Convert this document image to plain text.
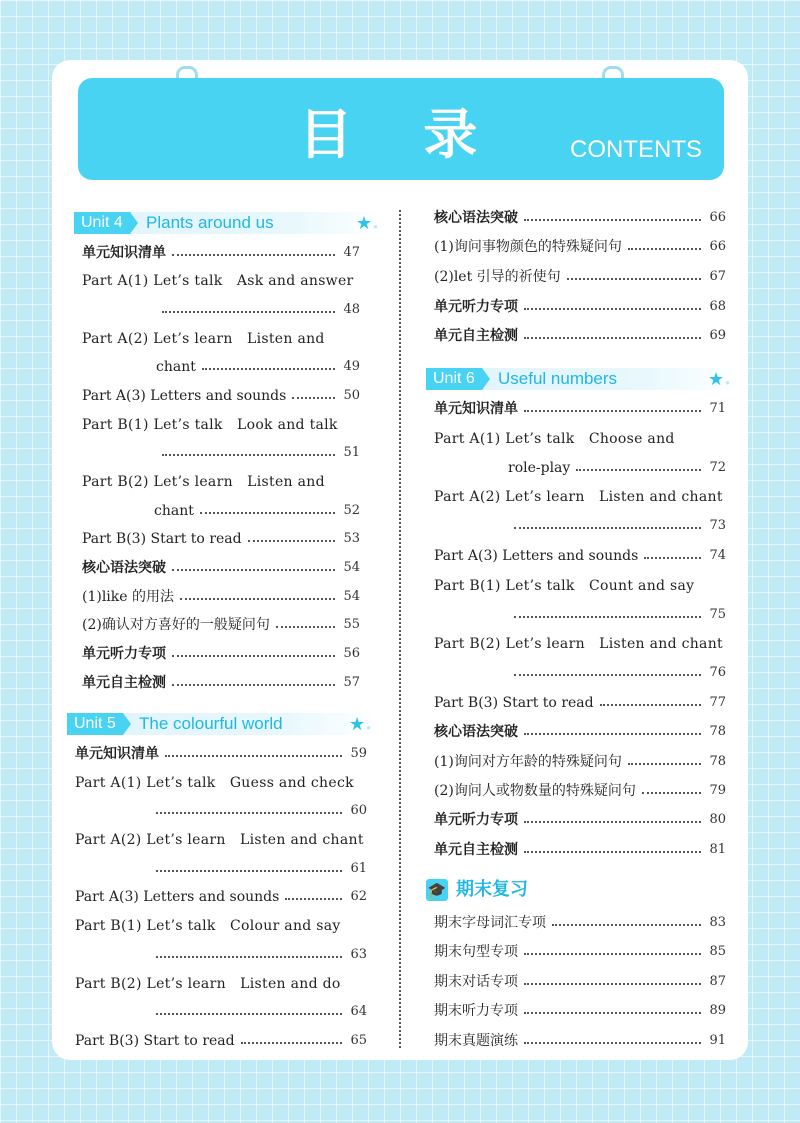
目 录	CONTENTS
Unit 4	Plants around us	★ ●
单元知识清单	47
Part A(1) Let’s talk　Ask and answer
48
Part A(2) Let’s learn　Listen and
chant	49
Part A(3) Letters and sounds	50
Part B(1) Let’s talk　Look and talk
51
Part B(2) Let’s learn　Listen and
chant	52
Part B(3) Start to read	53
核心语法突破	54
(1)like 的用法	54
(2)确认对方喜好的一般疑问句	55
单元听力专项	56
单元自主检测	57
Unit 5	The colourful world	★ ●
单元知识清单	59
Part A(1) Let’s talk　Guess and check
60
Part A(2) Let’s learn　Listen and chant
61
Part A(3) Letters and sounds	62
Part B(1) Let’s talk　Colour and say
63
Part B(2) Let’s learn　Listen and do
64
Part B(3) Start to read	65
核心语法突破	66
(1)询问事物颜色的特殊疑问句	66
(2)let 引导的祈使句	67
单元听力专项	68
单元自主检测	69
Unit 6	Useful numbers	★ ●
单元知识清单	71
Part A(1) Let’s talk　Choose and
role-play	72
Part A(2) Let’s learn　Listen and chant
73
Part A(3) Letters and sounds	74
Part B(1) Let’s talk　Count and say
75
Part B(2) Let’s learn　Listen and chant
76
Part B(3) Start to read	77
核心语法突破	78
(1)询问对方年龄的特殊疑问句	78
(2)询问人或物数量的特殊疑问句	79
单元听力专项	80
单元自主检测	81
🎓 期末复习
期末字母词汇专项	83
期末句型专项	85
期末对话专项	87
期末听力专项	89
期末真题演练	91
